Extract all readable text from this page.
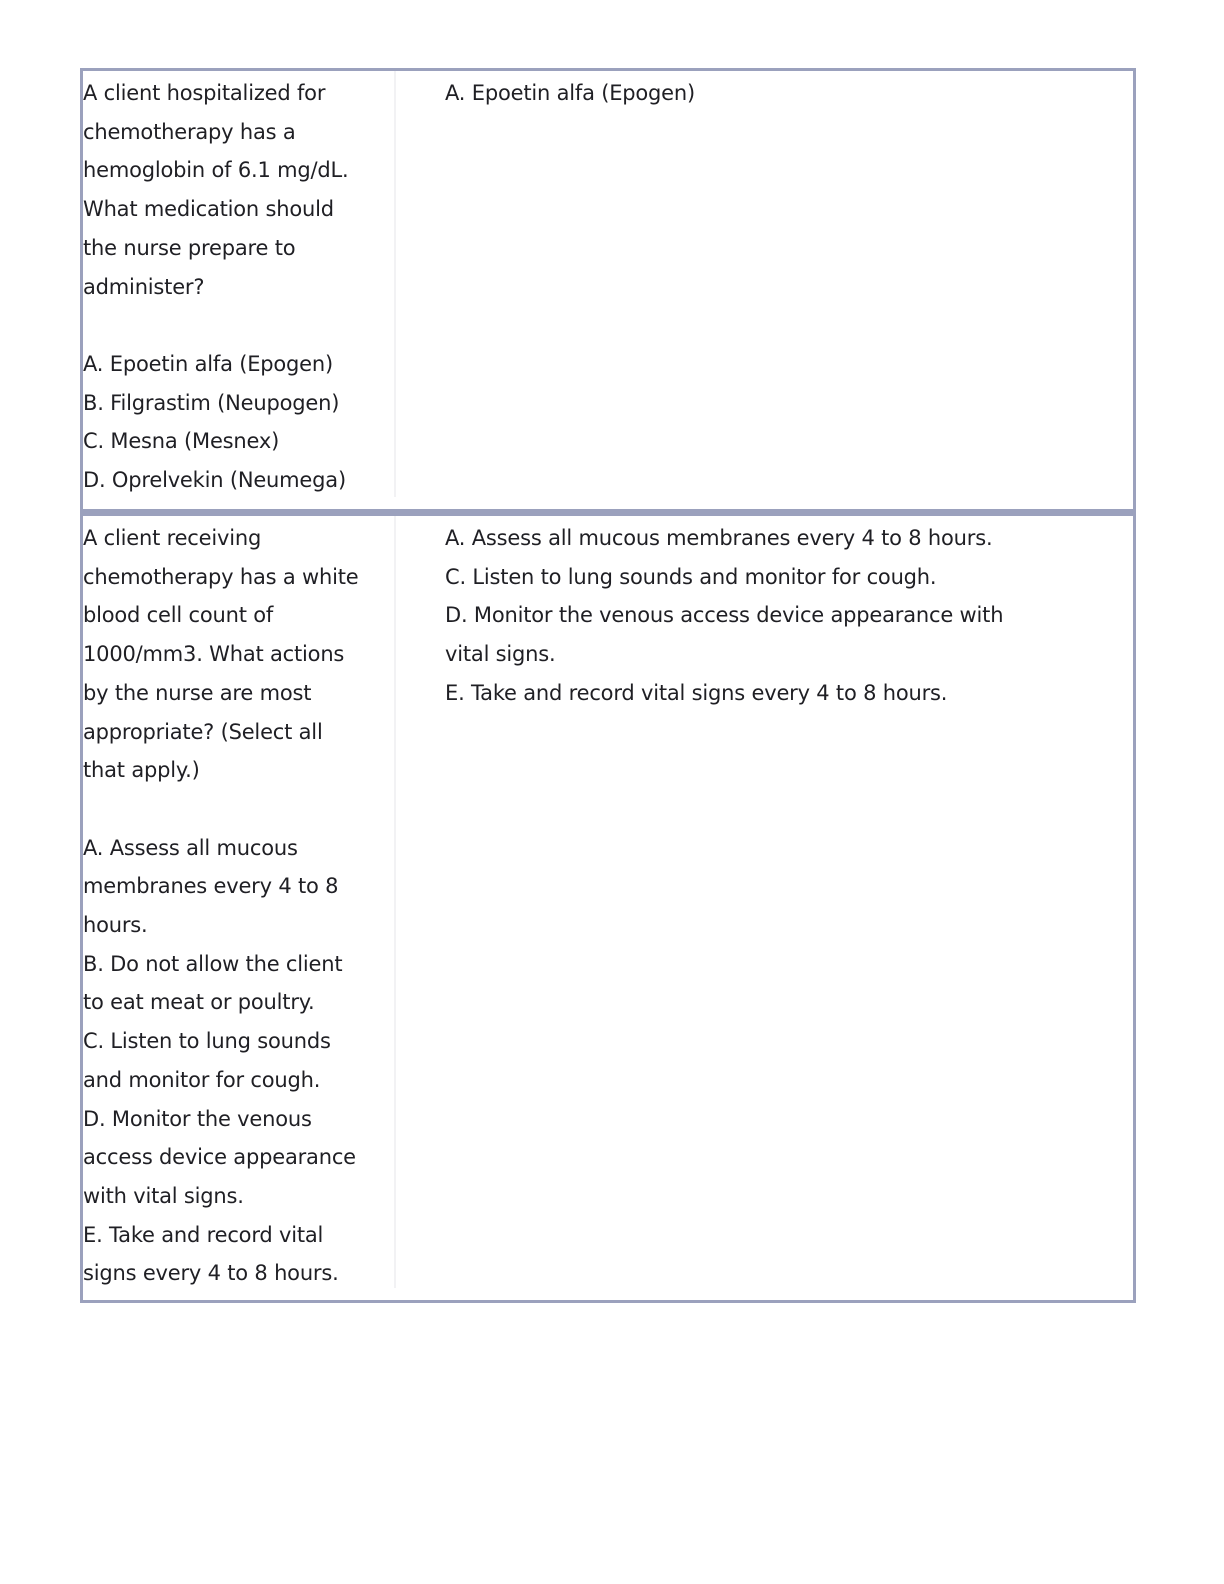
A client hospitalized for
chemotherapy has a
hemoglobin of 6.1 mg/dL.
What medication should
the nurse prepare to
administer?
A. Epoetin alfa (Epogen)
B. Filgrastim (Neupogen)
C. Mesna (Mesnex)
D. Oprelvekin (Neumega)
A. Epoetin alfa (Epogen)
A client receiving
chemotherapy has a white
blood cell count of
1000/mm3. What actions
by the nurse are most
appropriate? (Select all
that apply.)
A. Assess all mucous
membranes every 4 to 8
hours.
B. Do not allow the client
to eat meat or poultry.
C. Listen to lung sounds
and monitor for cough.
D. Monitor the venous
access device appearance
with vital signs.
E. Take and record vital
signs every 4 to 8 hours.
A. Assess all mucous membranes every 4 to 8 hours.
C. Listen to lung sounds and monitor for cough.
D. Monitor the venous access device appearance with
vital signs.
E. Take and record vital signs every 4 to 8 hours.
